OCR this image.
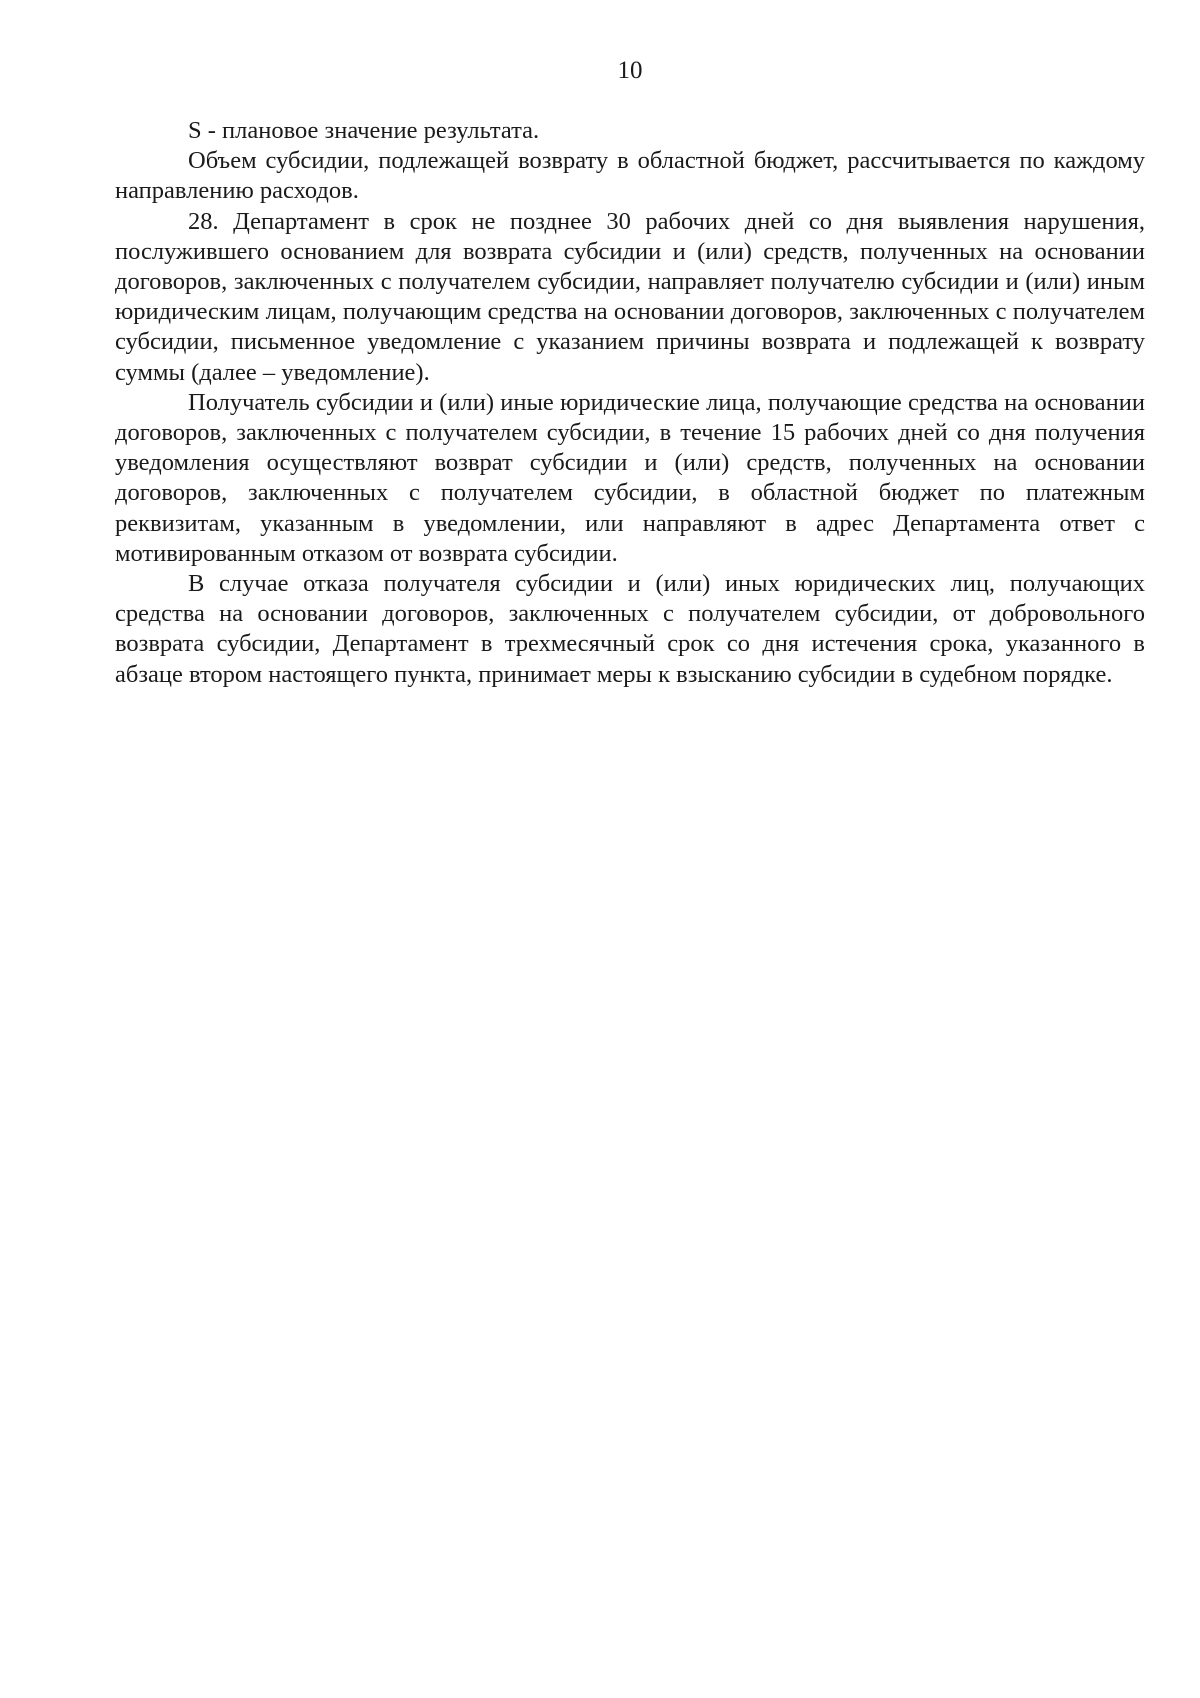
10

S - плановое значение результата.

Объем субсидии, подлежащей возврату в областной бюджет, рассчитывается по каждому направлению расходов.

28. Департамент в срок не позднее 30 рабочих дней со дня выявления нарушения, послужившего основанием для возврата субсидии и (или) средств, полученных на основании договоров, заключенных с получателем субсидии, направляет получателю субсидии и (или) иным юридическим лицам, получающим средства на основании договоров, заключенных с получателем субсидии, письменное уведомление с указанием причины возврата и подлежащей к возврату суммы (далее – уведомление).

Получатель субсидии и (или) иные юридические лица, получающие средства на основании договоров, заключенных с получателем субсидии, в течение 15 рабочих дней со дня получения уведомления осуществляют возврат субсидии и (или) средств, полученных на основании договоров, заключенных с получателем субсидии, в областной бюджет по платежным реквизитам, указанным в уведомлении, или направляют в адрес Департамента ответ с мотивированным отказом от возврата субсидии.

В случае отказа получателя субсидии и (или) иных юридических лиц, получающих средства на основании договоров, заключенных с получателем субсидии, от добровольного возврата субсидии, Департамент в трехмесячный срок со дня истечения срока, указанного в абзаце втором настоящего пункта, принимает меры к взысканию субсидии в судебном порядке.
